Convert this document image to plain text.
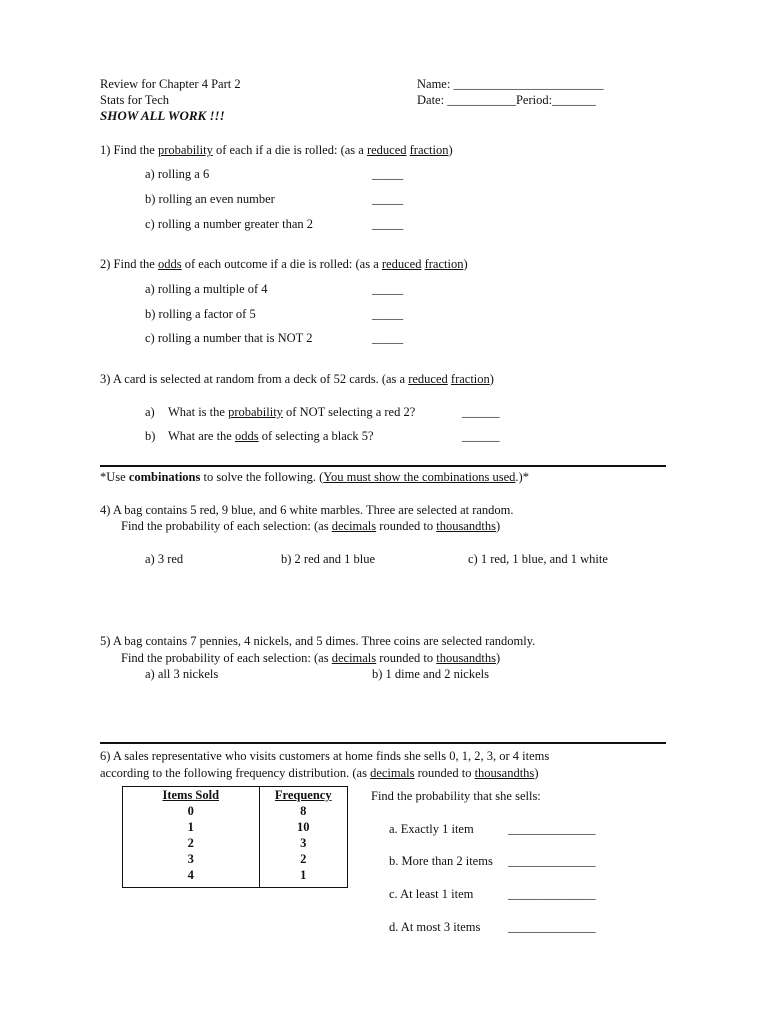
Review for Chapter 4 Part 2
Stats for Tech
SHOW ALL WORK !!!
Name: ________________________
Date: ___________Period:_______
1) Find the probability of each if a die is rolled: (as a reduced fraction)
a) rolling a 6	_____
b) rolling an even number	_____
c) rolling a number greater than 2	_____
2) Find the odds of each outcome if a die is rolled: (as a reduced fraction)
a) rolling a multiple of 4	_____
b) rolling a factor of 5	_____
c) rolling a number that is NOT 2	_____
3) A card is selected at random from a deck of 52 cards. (as a reduced fraction)
a) What is the probability of NOT selecting a red 2?	______
b) What are the odds of selecting a black 5?	______
*Use combinations to solve the following. (You must show the combinations used.)*
4) A bag contains 5 red, 9 blue, and 6 white marbles. Three are selected at random.
Find the probability of each selection: (as decimals rounded to thousandths)
a) 3 red	b) 2 red and 1 blue	c) 1 red, 1 blue, and 1 white
5) A bag contains 7 pennies, 4 nickels, and 5 dimes. Three coins are selected randomly.
Find the probability of each selection: (as decimals rounded to thousandths)
a) all 3 nickels	b) 1 dime and 2 nickels
6) A sales representative who visits customers at home finds she sells 0, 1, 2, 3, or 4 items
according to the following frequency distribution. (as decimals rounded to thousandths)
Items Sold	Frequency
0	8
1	10
2	3
3	2
4	1
Find the probability that she sells:
a. Exactly 1 item	______________
b. More than 2 items ______________
c. At least 1 item	______________
d. At most 3 items ______________
